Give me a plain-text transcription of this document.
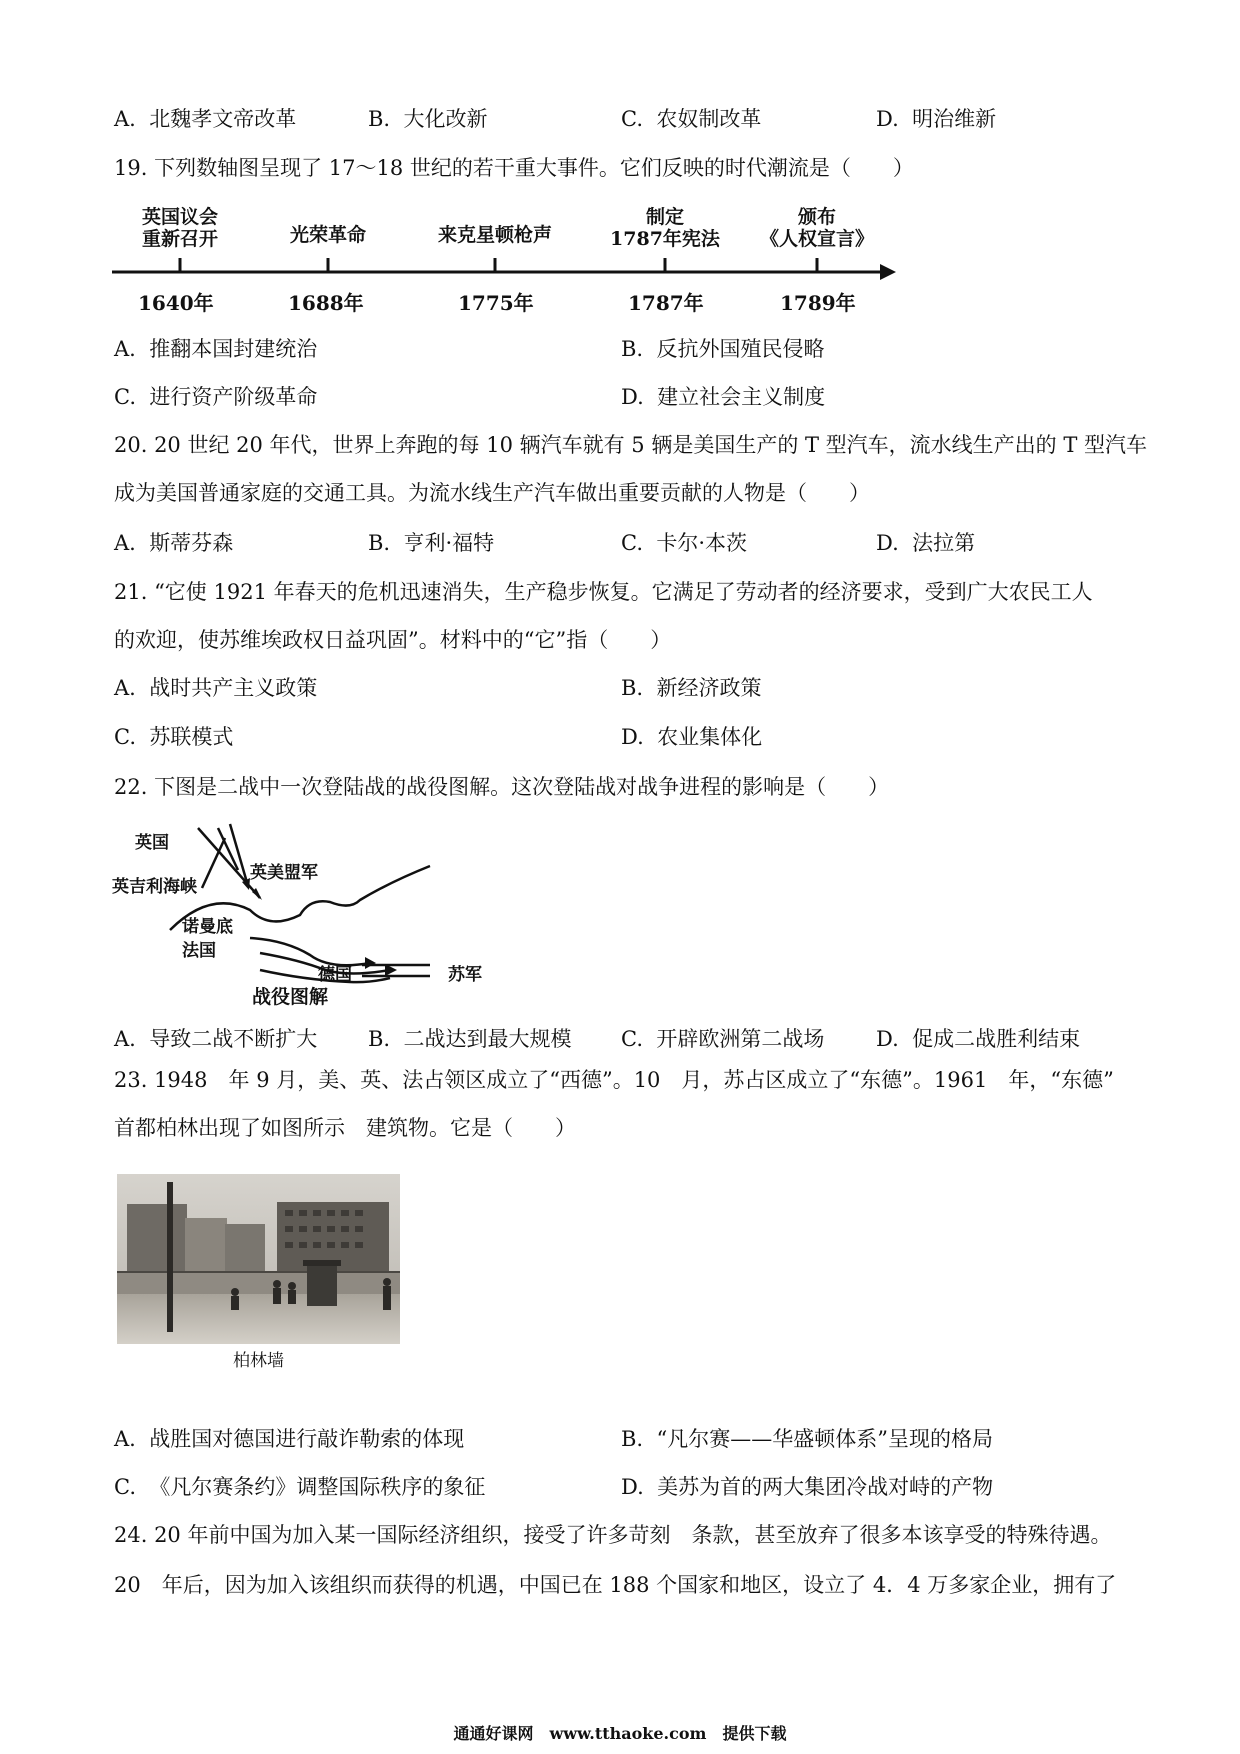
A. 北魏孝文帝改革	B. 大化改新	C. 农奴制改革	D. 明治维新
19. 下列数轴图呈现了 17～18 世纪的若干重大事件。它们反映的时代潮流是（　　）
英国议会
重新召开	光荣革命	来克星顿枪声
制定
1787年宪法
颁布
《人权宣言》
1640年	1688年	1775年	1787年	1789年
A. 推翻本国封建统治	B. 反抗外国殖民侵略
C. 进行资产阶级革命	D. 建立社会主义制度
20. 20 世纪 20 年代，世界上奔跑的每 10 辆汽车就有 5 辆是美国生产的 T 型汽车，流水线生产出的 T 型汽车
成为美国普通家庭的交通工具。为流水线生产汽车做出重要贡献的人物是（　　）
A. 斯蒂芬森	B. 亨利·福特	C. 卡尔·本茨	D. 法拉第
21. “它使 1921 年春天的危机迅速消失，生产稳步恢复。它满足了劳动者的经济要求，受到广大农民工人
的欢迎，使苏维埃政权日益巩固”。材料中的“它”指（　　）
A. 战时共产主义政策	B. 新经济政策
C. 苏联模式	D. 农业集体化
22. 下图是二战中一次登陆战的战役图解。这次登陆战对战争进程的影响是（　　）
英国
英美盟军
英吉利海峡
诺曼底
法国
德国	苏军
战役图解
A. 导致二战不断扩大 B. 二战达到最大规模 C. 开辟欧洲第二战场 D. 促成二战胜利结束
23. 1948　年 9 月，美、英、法占领区成立了“西德”。10　月，苏占区成立了“东德”。1961　年，“东德”
首都柏林出现了如图所示　建筑物。它是（　　）
柏林墙
A. 战胜国对德国进行敲诈勒索的体现	B. “凡尔赛——华盛顿体系”呈现的格局
C. 《凡尔赛条约》调整国际秩序的象征	D. 美苏为首的两大集团冷战对峙的产物
24. 20 年前中国为加入某一国际经济组织，接受了许多苛刻　条款，甚至放弃了很多本该享受的特殊待遇。
20　年后，因为加入该组织而获得的机遇，中国已在 188 个国家和地区，设立了 4．4 万多家企业，拥有了
通通好课网　www.tthaoke.com　提供下载
